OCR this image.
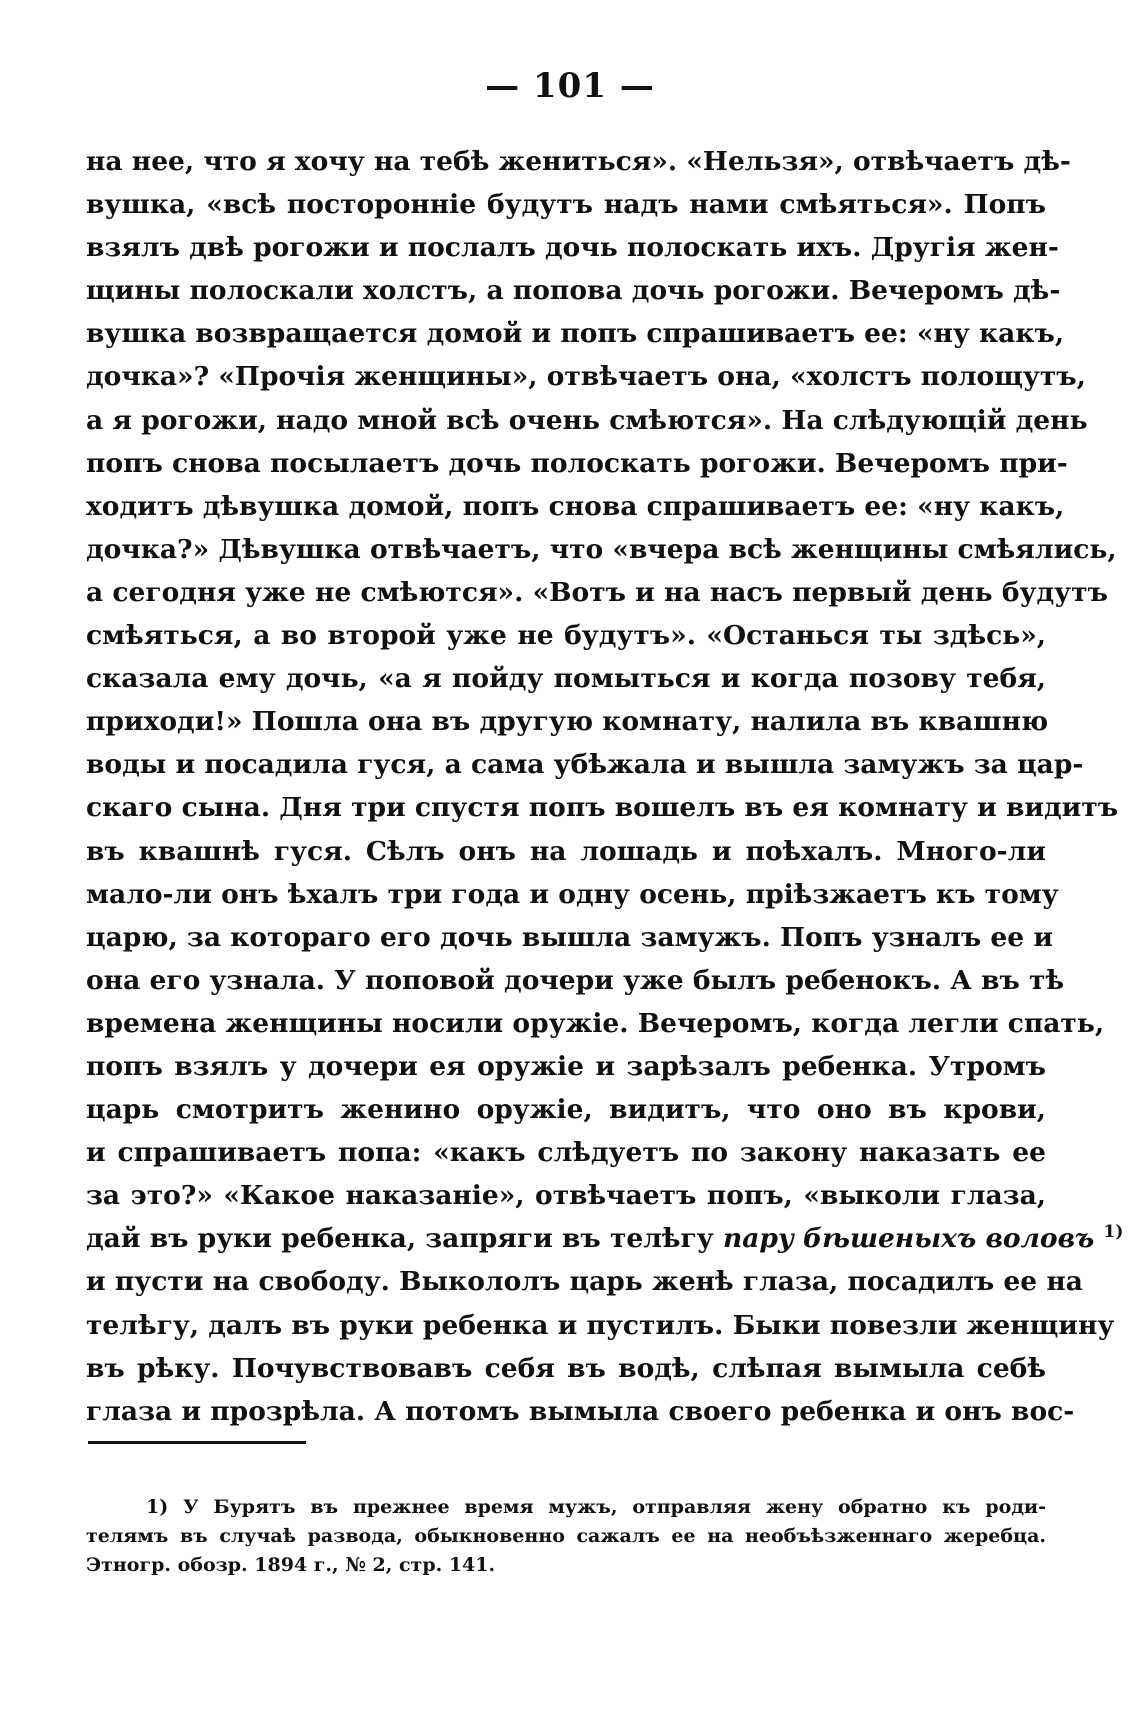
— 101 —
на нее, что я хочу на тебѣ жениться». «Нельзя», отвѣчаетъ дѣ-
вушка, «всѣ посторонніе будутъ надъ нами смѣяться». Попъ
взялъ двѣ рогожи и послалъ дочь полоскать ихъ. Другія жен-
щины полоскали холстъ, а попова дочь рогожи. Вечеромъ дѣ-
вушка возвращается домой и попъ спрашиваетъ ее: «ну какъ,
дочка»? «Прочія женщины», отвѣчаетъ она, «холстъ полощутъ,
а я рогожи, надо мной всѣ очень смѣются». На слѣдующій день
попъ снова посылаетъ дочь полоскать рогожи. Вечеромъ при-
ходитъ дѣвушка домой, попъ снова спрашиваетъ ее: «ну какъ,
дочка?» Дѣвушка отвѣчаетъ, что «вчера всѣ женщины смѣялись,
а сегодня уже не смѣются». «Вотъ и на насъ первый день будутъ
смѣяться, а во второй уже не будутъ». «Останься ты здѣсь»,
сказала ему дочь, «а я пойду помыться и когда позову тебя,
приходи!» Пошла она въ другую комнату, налила въ квашню
воды и посадила гуся, а сама убѣжала и вышла замужъ за цар-
скаго сына. Дня три спустя попъ вошелъ въ ея комнату и видитъ
въ квашнѣ гуся. Сѣлъ онъ на лошадь и поѣхалъ. Много-ли
мало-ли онъ ѣхалъ три года и одну осень, пріѣзжаетъ къ тому
царю, за котораго его дочь вышла замужъ. Попъ узналъ ее и
она его узнала. У поповой дочери уже былъ ребенокъ. А въ тѣ
времена женщины носили оружіе. Вечеромъ, когда легли спать,
попъ взялъ у дочери ея оружіе и зарѣзалъ ребенка. Утромъ
царь смотритъ женино оружіе, видитъ, что оно въ крови,
и спрашиваетъ попа: «какъ слѣдуетъ по закону наказать ее
за это?» «Какое наказаніе», отвѣчаетъ попъ, «выколи глаза,
дай въ руки ребенка, запряги въ телѣгу пару бѣшеныхъ воловъ $^{1)}$
и пусти на свободу. Выкололъ царь женѣ глаза, посадилъ ее на
телѣгу, далъ въ руки ребенка и пустилъ. Быки повезли женщину
въ рѣку. Почувствовавъ себя въ водѣ, слѣпая вымыла себѣ
глаза и прозрѣла. А потомъ вымыла своего ребенка и онъ вос-
1) У Бурятъ въ прежнее время мужъ, отправляя жену обратно къ роди-
телямъ въ случаѣ развода, обыкновенно сажалъ ее на необъѣзженнаго жеребца.
Этногр. обозр. 1894 г., № 2, стр. 141.
